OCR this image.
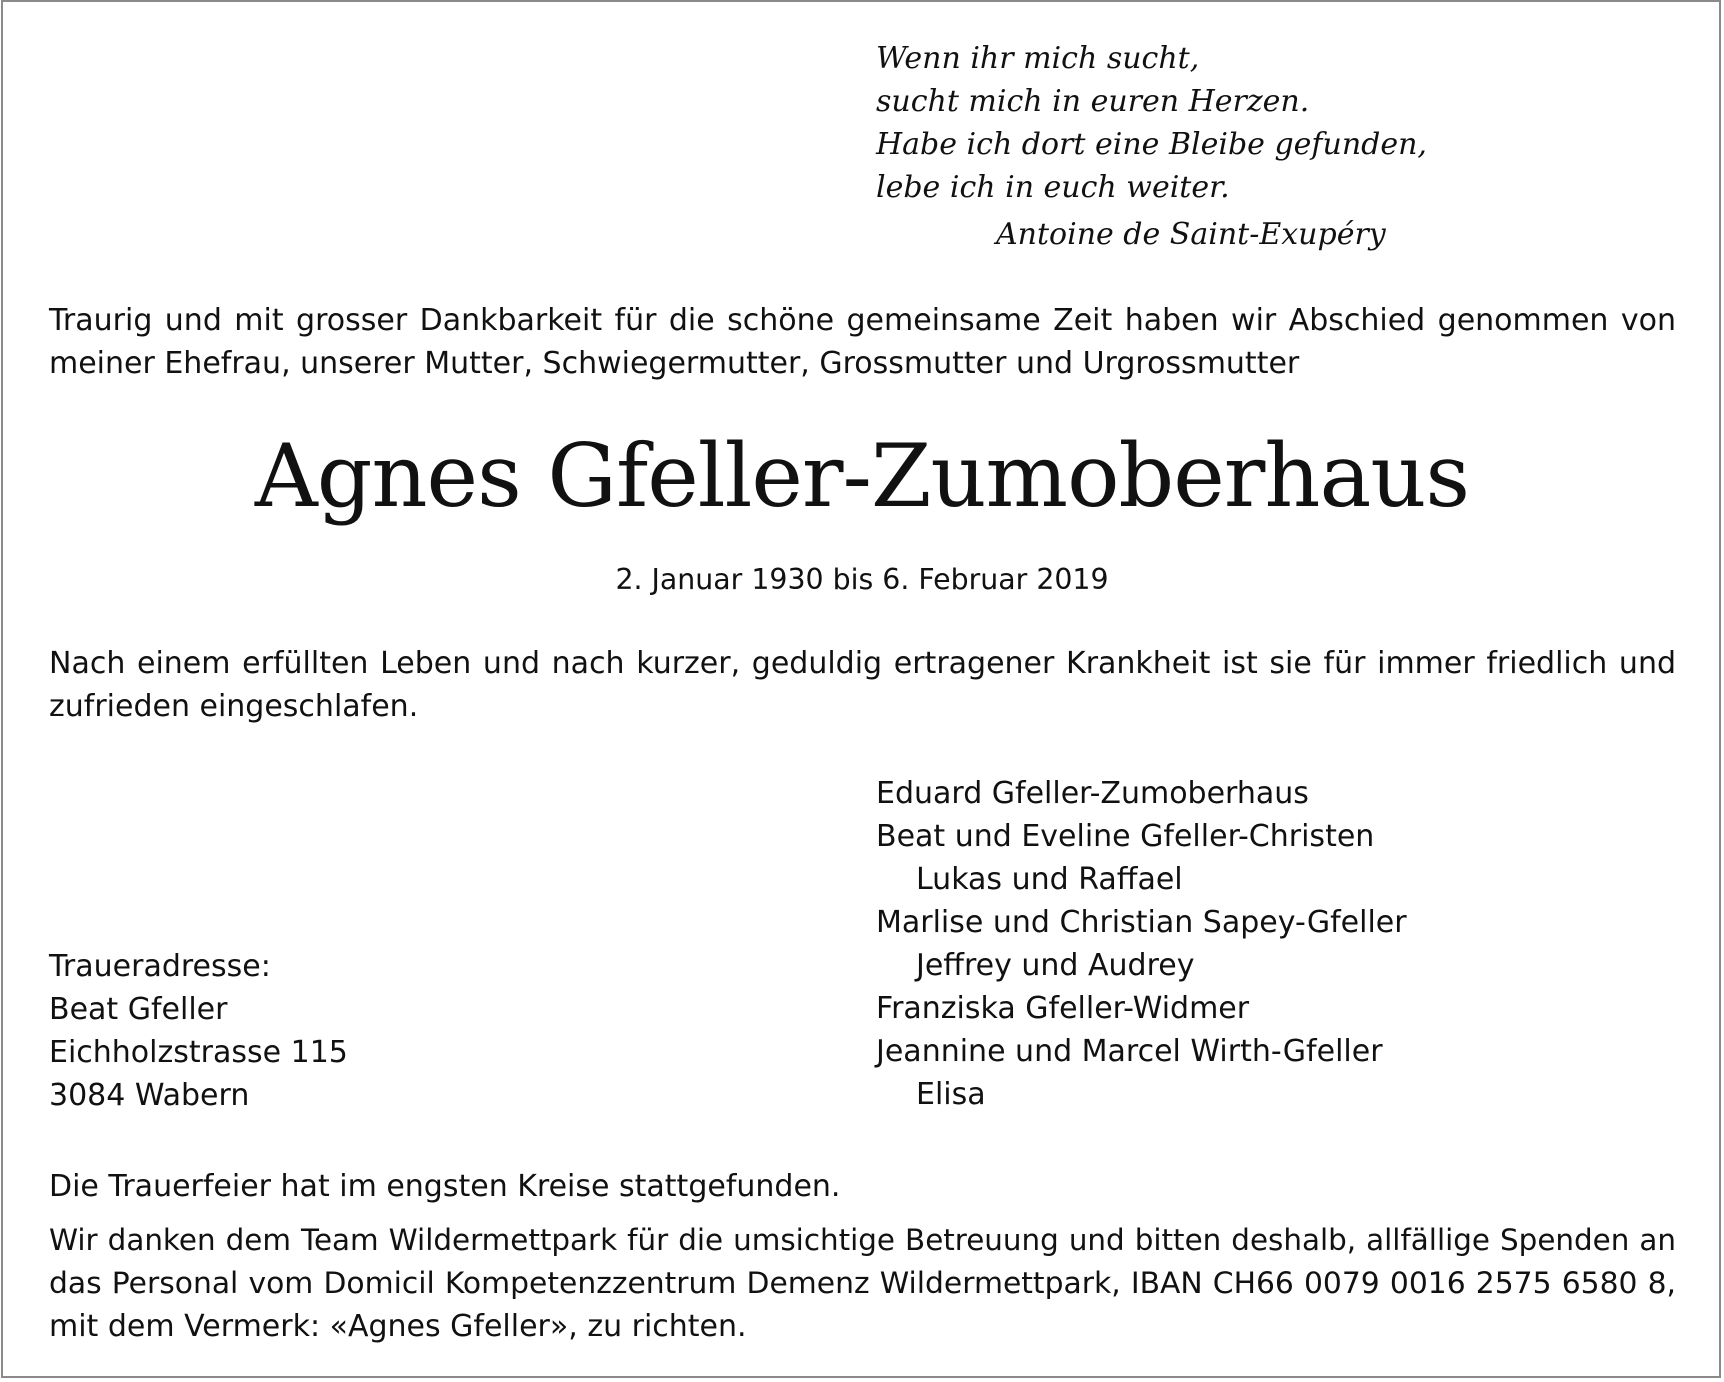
Wenn ihr mich sucht,
sucht mich in euren Herzen.
Habe ich dort eine Bleibe gefunden,
lebe ich in euch weiter.
Antoine de Saint-Exupéry
Traurig und mit grosser Dankbarkeit für die schöne gemeinsame Zeit haben wir Abschied genommen von
meiner Ehefrau, unserer Mutter, Schwiegermutter, Grossmutter und Urgrossmutter
Agnes Gfeller-Zumoberhaus
2. Januar 1930 bis 6. Februar 2019
Nach einem erfüllten Leben und nach kurzer, geduldig ertragener Krankheit ist sie für immer friedlich und
zufrieden eingeschlafen.
Eduard Gfeller-Zumoberhaus
Beat und Eveline Gfeller-Christen
Lukas und Raffael
Marlise und Christian Sapey-Gfeller
Jeffrey und Audrey
Franziska Gfeller-Widmer
Jeannine und Marcel Wirth-Gfeller
Elisa
Traueradresse:
Beat Gfeller
Eichholzstrasse 115
3084 Wabern
Die Trauerfeier hat im engsten Kreise stattgefunden.
Wir danken dem Team Wildermettpark für die umsichtige Betreuung und bitten deshalb, allfällige Spenden an
das Personal vom Domicil Kompetenzzentrum Demenz Wildermettpark, IBAN CH66 0079 0016 2575 6580 8,
mit dem Vermerk: «Agnes Gfeller», zu richten.
